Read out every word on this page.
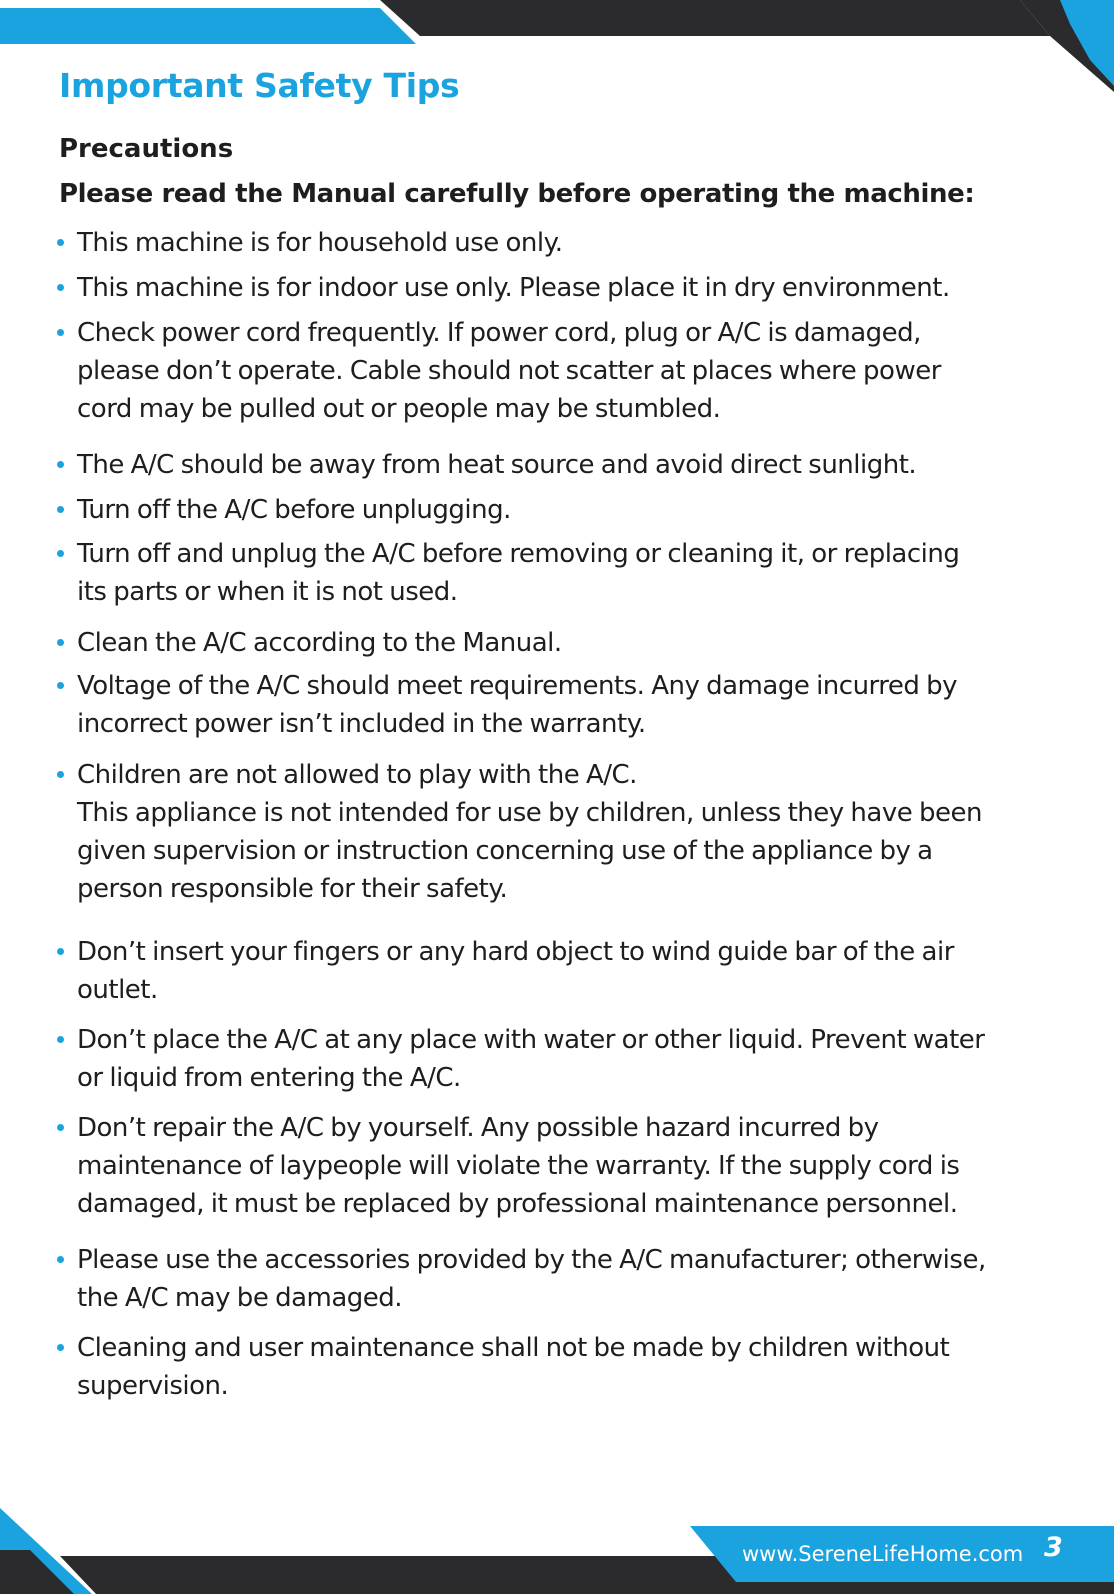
Important Safety Tips
Precautions

Please read the Manual carefully before operating the machine:

This machine is for household use only.
This machine is for indoor use only. Please place it in dry environment.
Check power cord frequently. If power cord, plug or A/C is damaged,
please don’t operate. Cable should not scatter at places where power
cord may be pulled out or people may be stumbled.
The A/C should be away from heat source and avoid direct sunlight.
Turn off the A/C before unplugging.
Turn off and unplug the A/C before removing or cleaning it, or replacing
its parts or when it is not used.
Clean the A/C according to the Manual.
Voltage of the A/C should meet requirements. Any damage incurred by
incorrect power isn’t included in the warranty.
Children are not allowed to play with the A/C.
This appliance is not intended for use by children, unless they have been
given supervision or instruction concerning use of the appliance by a
person responsible for their safety.
Don’t insert your fingers or any hard object to wind guide bar of the air
outlet.
Don’t place the A/C at any place with water or other liquid. Prevent water
or liquid from entering the A/C.
Don’t repair the A/C by yourself. Any possible hazard incurred by
maintenance of laypeople will violate the warranty. If the supply cord is
damaged, it must be replaced by professional maintenance personnel.
Please use the accessories provided by the A/C manufacturer; otherwise,
the A/C may be damaged.
Cleaning and user maintenance shall not be made by children without
supervision.
www.SereneLifeHome.com 3
